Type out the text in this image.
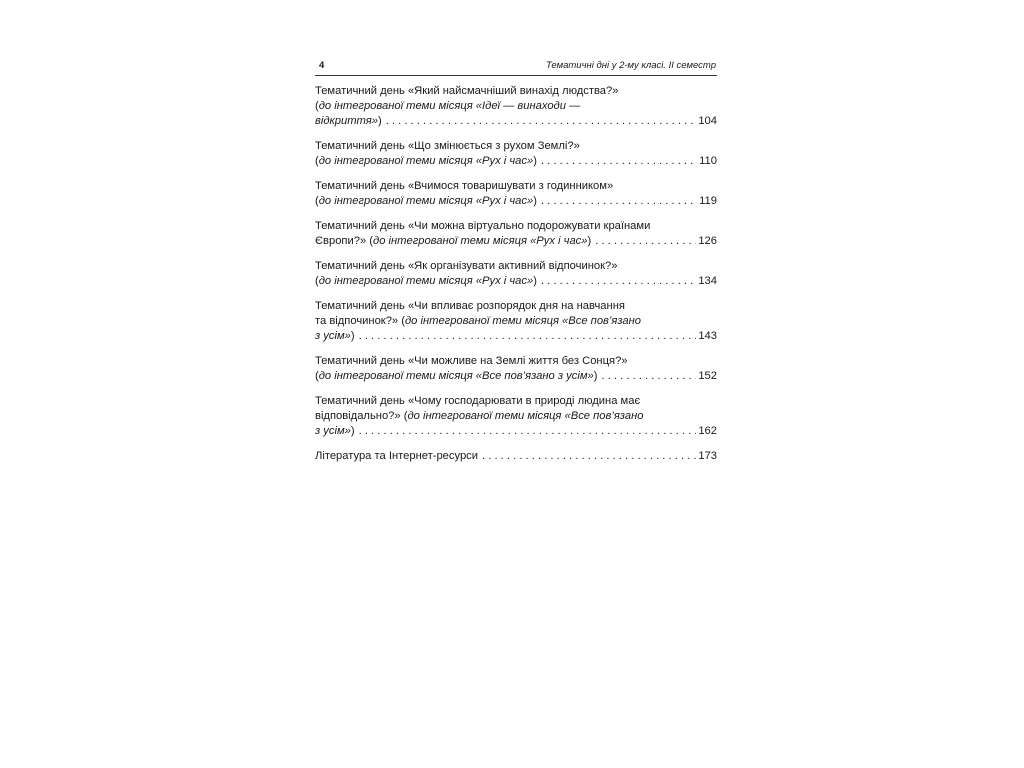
4	Тематичні дні у 2-му класі. ІІ семестр
Тематичний день «Який найсмачніший винахід людства?»
(до інтегрованої теми місяця «Ідеї — винаходи —
відкриття») . . .	104
Тематичний день «Що змінюється з рухом Землі?»
(до інтегрованої теми місяця «Рух і час») . . .	110
Тематичний день «Вчимося товаришувати з годинником»
(до інтегрованої теми місяця «Рух і час») . . .	119
Тематичний день «Чи можна віртуально подорожувати країнами
Європи?» (до інтегрованої теми місяця «Рух і час») . . .	126
Тематичний день «Як організувати активний відпочинок?»
(до інтегрованої теми місяця «Рух і час») . . .	134
Тематичний день «Чи впливає розпорядок дня на навчання
та відпочинок?» (до інтегрованої теми місяця «Все пов’язано
з усім») . . .	143
Тематичний день «Чи можливе на Землі життя без Сонця?»
(до інтегрованої теми місяця «Все пов’язано з усім») . . .	152
Тематичний день «Чому господарювати в природі людина має
відповідально?» (до інтегрованої теми місяця «Все пов’язано
з усім») . . .	162
Література та Інтернет-ресурси . . .	173
